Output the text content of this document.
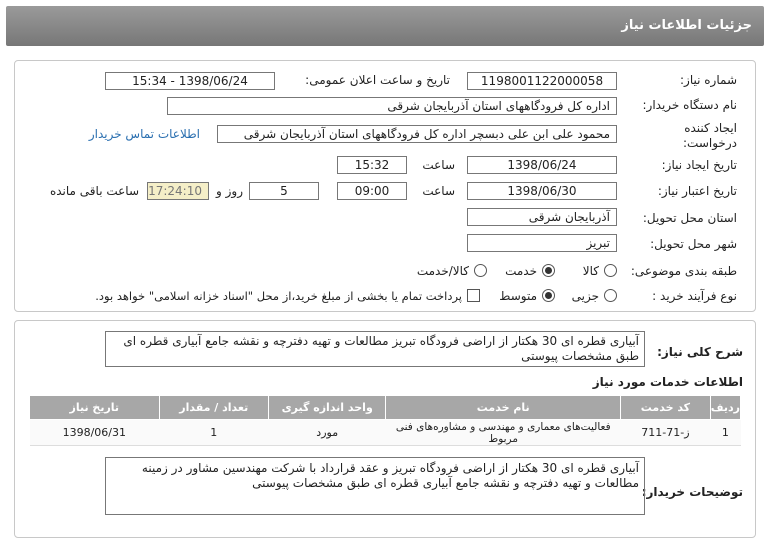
جزئیات اطلاعات نیاز
شماره نیاز:
1198001122000058
تاریخ و ساعت اعلان عمومی:
1398/06/24 - 15:34
نام دستگاه خریدار:
اداره کل فرودگاههای استان آذربایجان شرقی
ایجاد کننده
درخواست:
محمود علی ابن علی دبسچر اداره کل فرودگاههای استان آذربایجان شرقی
اطلاعات تماس خریدار
تاریخ ایجاد نیاز:
1398/06/24
ساعت
15:32
تاریخ اعتبار نیاز:
1398/06/30
ساعت
09:00
5
روز و
17:24:10
ساعت باقی مانده
استان محل تحویل:
آذربایجان شرقی
شهر محل تحویل:
تبریز
طبقه بندی موضوعی:
کالا
خدمت
کالا/خدمت
نوع فرآیند خرید :
جزیی
متوسط
پرداخت تمام یا بخشی از مبلغ خرید،از محل "اسناد خزانه اسلامی" خواهد بود.
شرح کلی نیاز:
آبیاری قطره ای 30 هکتار از اراضی فرودگاه تبریز مطالعات و تهیه دفترچه و نقشه جامع آبیاری قطره ای طبق مشخصات پیوستی
اطلاعات خدمات مورد نیاز
ردیف	کد خدمت	نام خدمت	واحد اندازه گیری	تعداد / مقدار	تاریخ نیاز
1	ز-71-711	فعالیت‌های معماری و مهندسی و مشاوره‌های فنی مربوط	مورد	1	1398/06/31
توضیحات خریدار:
آبیاری قطره ای 30 هکتار از اراضی فرودگاه تبریز و عقد قرارداد با شرکت مهندسین مشاور در زمینه مطالعات و تهیه دفترچه و نقشه جامع آبیاری قطره ای طبق مشخصات پیوستی
